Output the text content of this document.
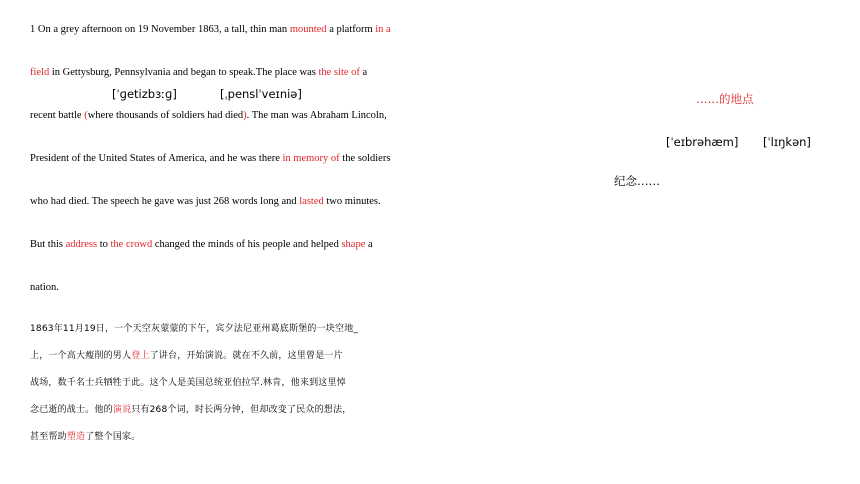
1 On a grey afternoon on 19 November 1863, a tall, thin man mounted a platform in a
field in Gettysburg, Pennsylvania and began to speak.The place was the site of a
recent battle (where thousands of soldiers had died). The man was Abraham Lincoln,
President of the United States of America, and he was there in memory of the soldiers
who had died. The speech he gave was just 268 words long and lasted two minutes.
But this address to the crowd changed the minds of his people and helped shape a
nation.
[ˈɡetizbɜːɡ]	[ˌpenslˈveɪniə]	……的地点
[ˈeɪbrəhæm] [ˈlɪŋkən]
纪念……
1863年11月19日，一个天空灰蒙蒙的下午，宾夕法尼亚州葛底斯堡的一块空地_
上，一个高大瘦削的男人登上了讲台，开始演说。就在不久前，这里曾是一片
战场，数千名士兵牺牲于此。这个人是美国总统亚伯拉罕.林肯，他来到这里悼
念已逝的战士。他的演说只有268个词，时长两分钟，但却改变了民众的想法，
甚至帮助塑造了整个国家。
